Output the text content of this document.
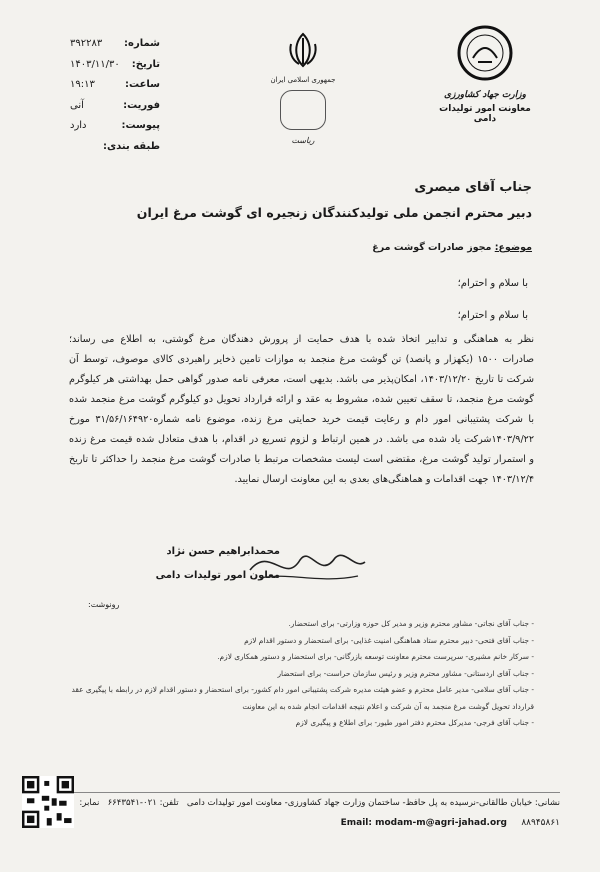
شماره:
۳۹۲۲۸۳
تاریخ:
۱۴۰۳/۱۱/۳۰
ساعت:
۱۹:۱۳
فوریت:
آنی
پیوست:
دارد
طبقه بندی:
جمهوری اسلامی ایران
ریاست
وزارت جهاد کشاورزی
معاونت امور تولیدات دامی
جناب آقای میصری
دبیر محترم انجمن ملی تولیدکنندگان زنجیره ای گوشت مرغ ایران
موضوع: مجوز صادرات گوشت مرغ
با سلام و احترام؛
با سلام و احترام؛
نظر به هماهنگی و تدابیر اتخاذ شده با هدف حمایت از پرورش دهندگان مرغ گوشتی، به اطلاع می رساند؛
صادرات ۱۵۰۰ (یکهزار و پانصد) تن گوشت مرغ منجمد به موازات تامین ذخایر راهبردی کالای موصوف، توسط آن
شرکت تا تاریخ ۱۴۰۳/۱۲/۲۰، امکان‌پذیر می باشد. بدیهی است، معرفی نامه صدور گواهی حمل بهداشتی هر کیلوگرم
گوشت مرغ منجمد، تا سقف تعیین شده، مشروط به عقد و ارائه قرارداد تحویل دو کیلوگرم گوشت مرغ منجمد شده
با شرکت پشتیبانی امور دام و رعایت قیمت خرید حمایتی مرغ زنده، موضوع نامه شماره۳۱/۵۶/۱۶۴۹۲۰ مورخ
۱۴۰۳/۹/۲۲شرکت یاد شده می باشد. در همین ارتباط و لزوم تسریع در اقدام، با هدف متعادل شده قیمت مرغ زنده
و استمرار تولید گوشت مرغ، مقتضی است لیست مشخصات مرتبط با صادرات گوشت مرغ منجمد را حداکثر تا تاریخ
۱۴۰۳/۱۲/۴ جهت اقدامات و هماهنگی‌های بعدی به این معاونت ارسال نمایید.
محمدابراهیم حسن نژاد
معاون امور تولیدات دامی
رونوشت:
- جناب آقای نجاتی- مشاور محترم وزیر و مدیر کل حوزه وزارتی- برای استحضار.
- جناب آقای فتحی- دبیر محترم ستاد هماهنگی امنیت غذایی- برای استحضار و دستور اقدام لازم
- سرکار خانم مشیری- سرپرست محترم معاونت توسعه بازرگانی- برای استحضار و دستور همکاری لازم.
- جناب آقای اردستانی- مشاور محترم وزیر و رئیس سازمان حراست- برای استحضار
- جناب آقای سلامی- مدیر عامل محترم و عضو هیئت مدیره شرکت پشتیبانی امور دام کشور- برای استحضار و دستور اقدام لازم در رابطه با پیگیری عقد
قرارداد تحویل گوشت مرغ منجمد به آن شرکت و اعلام نتیجه اقدامات انجام شده به این معاونت
- جناب آقای فرجی- مدیرکل محترم دفتر امور طیور- برای اطلاع و پیگیری لازم
نشانی: خیابان طالقانی-نرسیده به پل حافظ- ساختمان وزارت جهاد کشاورزی- معاونت امور تولیدات دامی   تلفن: ۰۲۱-۶۶۴۳۵۴۱   نمابر:
Email: modam-m@agri-jahad.org ۸۸۹۴۵۸۶۱
